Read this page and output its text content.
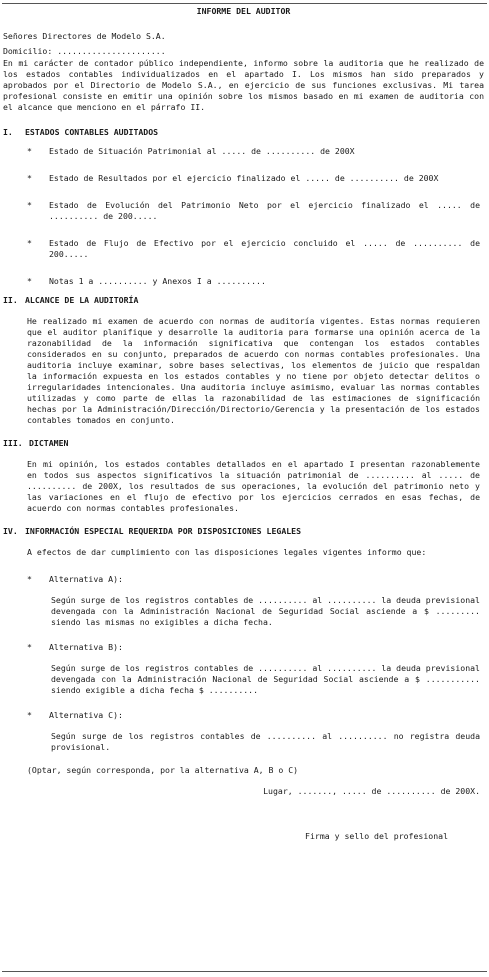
INFORME DEL AUDITOR
Señores Directores de Modelo S.A.
Domicilio: ......................
En mi carácter de contador público independiente, informo sobre la auditoria que he realizado de los estados contables individualizados en el apartado I. Los mismos han sido preparados y aprobados por el Directorio de Modelo S.A., en ejercicio de sus funciones exclusivas. Mi tarea profesional consiste en emitir una opinión sobre los mismos basado en mi examen de auditoria con el alcance que menciono en el párrafo II.
I.	ESTADOS CONTABLES AUDITADOS
*	Estado de Situación Patrimonial al ..... de .......... de 200X
*	Estado de Resultados por el ejercicio finalizado el ..... de .......... de 200X
*	Estado de Evolución del Patrimonio Neto por el ejercicio finalizado el ..... de .......... de 200.....
*	Estado de Flujo de Efectivo por el ejercicio concluido el ..... de .......... de 200.....
*	Notas 1 a .......... y Anexos I a ..........
II. ALCANCE DE LA AUDITORÍA
He realizado mi examen de acuerdo con normas de auditoría vigentes. Estas normas requieren que el auditor planifique y desarrolle la auditoria para formarse una opinión acerca de la razonabilidad de la información significativa que contengan los estados contables considerados en su conjunto, preparados de acuerdo con normas contables profesionales. Una auditoria incluye examinar, sobre bases selectivas, los elementos de juicio que respaldan la información expuesta en los estados contables y no tiene por objeto detectar delitos o irregularidades intencionales. Una auditoria incluye asimismo, evaluar las normas contables utilizadas y como parte de ellas la razonabilidad de las estimaciones de significación hechas por la Administración/Dirección/Directorio/Gerencia y la presentación de los estados contables tomados en conjunto.
III. DICTAMEN
En mi opinión, los estados contables detallados en el apartado I presentan razonablemente en todos sus aspectos significativos la situación patrimonial de .......... al ..... de .......... de 200X, los resultados de sus operaciones, la evolución del patrimonio neto y las variaciones en el flujo de efectivo por los ejercicios cerrados en esas fechas, de acuerdo con normas contables profesionales.
IV. INFORMACIÓN ESPECIAL REQUERIDA POR DISPOSICIONES LEGALES
A efectos de dar cumplimiento con las disposiciones legales vigentes informo que:
*	Alternativa A):
Según surge de los registros contables de .......... al .......... la deuda previsional devengada con la Administración Nacional de Seguridad Social asciende a $ ......... siendo las mismas no exigibles a dicha fecha.
*	Alternativa B):
Según surge de los registros contables de .......... al .......... la deuda previsional devengada con la Administración Nacional de Seguridad Social asciende a $ ........... siendo exigible a dicha fecha $ ..........
*	Alternativa C):
Según surge de los registros contables de .......... al .......... no registra deuda provisional.
(Optar, según corresponda, por la alternativa A, B o C)
Lugar, ......., ..... de .......... de 200X.
Firma y sello del profesional
